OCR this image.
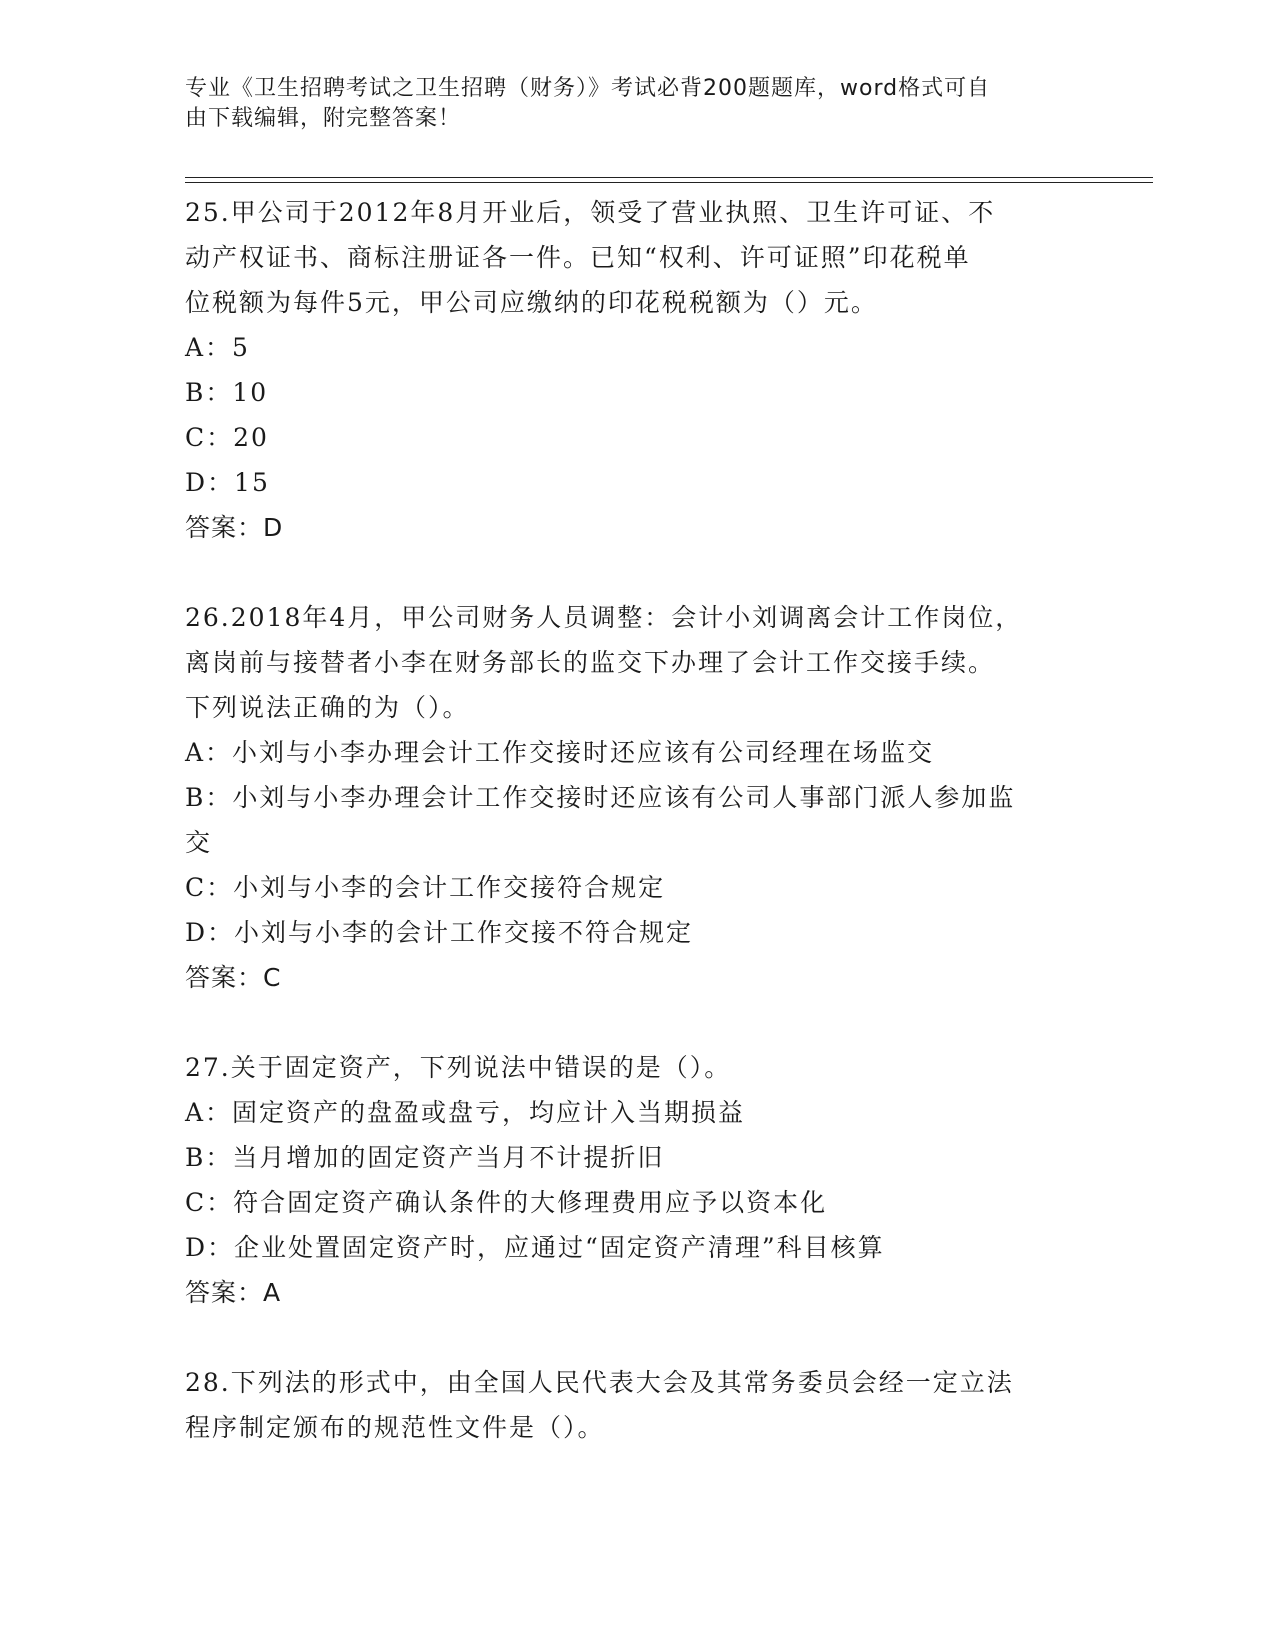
专业《卫生招聘考试之卫生招聘（财务）》考试必背200题题库，word格式可自
由下载编辑，附完整答案！
25.甲公司于2012年8月开业后，领受了营业执照、卫生许可证、不
动产权证书、商标注册证各一件。已知“权利、许可证照”印花税单
位税额为每件5元，甲公司应缴纳的印花税税额为（）元。
A：5
B：10
C：20
D：15
答案：D
26.2018年4月，甲公司财务人员调整：会计小刘调离会计工作岗位，
离岗前与接替者小李在财务部长的监交下办理了会计工作交接手续。
下列说法正确的为（）。
A：小刘与小李办理会计工作交接时还应该有公司经理在场监交
B：小刘与小李办理会计工作交接时还应该有公司人事部门派人参加监
交
C：小刘与小李的会计工作交接符合规定
D：小刘与小李的会计工作交接不符合规定
答案：C
27.关于固定资产，下列说法中错误的是（）。
A：固定资产的盘盈或盘亏，均应计入当期损益
B：当月增加的固定资产当月不计提折旧
C：符合固定资产确认条件的大修理费用应予以资本化
D：企业处置固定资产时，应通过“固定资产清理”科目核算
答案：A
28.下列法的形式中，由全国人民代表大会及其常务委员会经一定立法
程序制定颁布的规范性文件是（）。
